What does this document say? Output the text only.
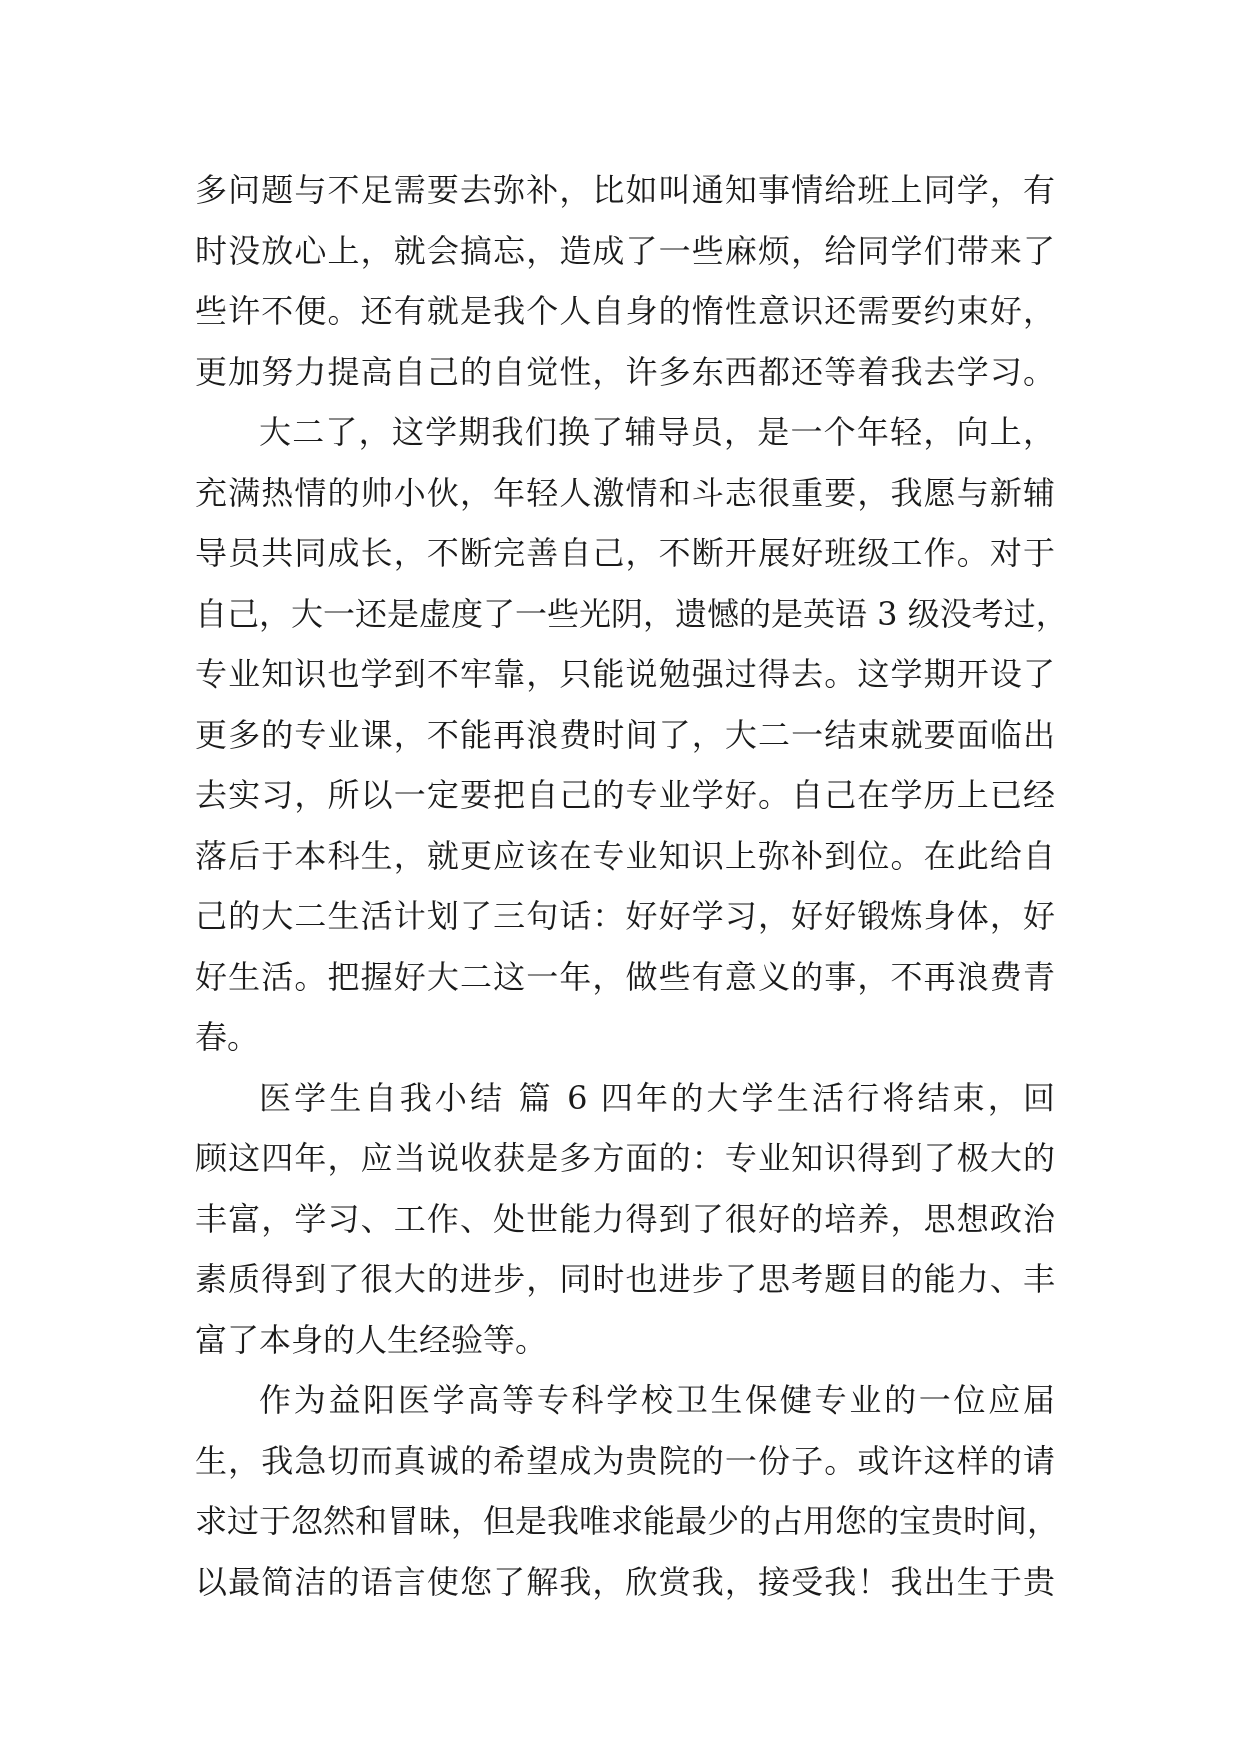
多问题与不足需要去弥补，比如叫通知事情给班上同学，有
时没放心上，就会搞忘，造成了一些麻烦，给同学们带来了
些许不便。还有就是我个人自身的惰性意识还需要约束好，
更加努力提高自己的自觉性，许多东西都还等着我去学习。
大二了，这学期我们换了辅导员，是一个年轻，向上，
充满热情的帅小伙，年轻人激情和斗志很重要，我愿与新辅
导员共同成长，不断完善自己，不断开展好班级工作。对于
自己，大一还是虚度了一些光阴，遗憾的是英语 3 级没考过，
专业知识也学到不牢靠，只能说勉强过得去。这学期开设了
更多的专业课，不能再浪费时间了，大二一结束就要面临出
去实习，所以一定要把自己的专业学好。自己在学历上已经
落后于本科生，就更应该在专业知识上弥补到位。在此给自
己的大二生活计划了三句话：好好学习，好好锻炼身体，好
好生活。把握好大二这一年，做些有意义的事，不再浪费青
春。
医学生自我小结 篇 6 四年的大学生活行将结束，回
顾这四年，应当说收获是多方面的：专业知识得到了极大的
丰富，学习、工作、处世能力得到了很好的培养，思想政治
素质得到了很大的进步，同时也进步了思考题目的能力、丰
富了本身的人生经验等。
作为益阳医学高等专科学校卫生保健专业的一位应届
生，我急切而真诚的希望成为贵院的一份子。或许这样的请
求过于忽然和冒昧，但是我唯求能最少的占用您的宝贵时间，
以最简洁的语言使您了解我，欣赏我，接受我！我出生于贵
